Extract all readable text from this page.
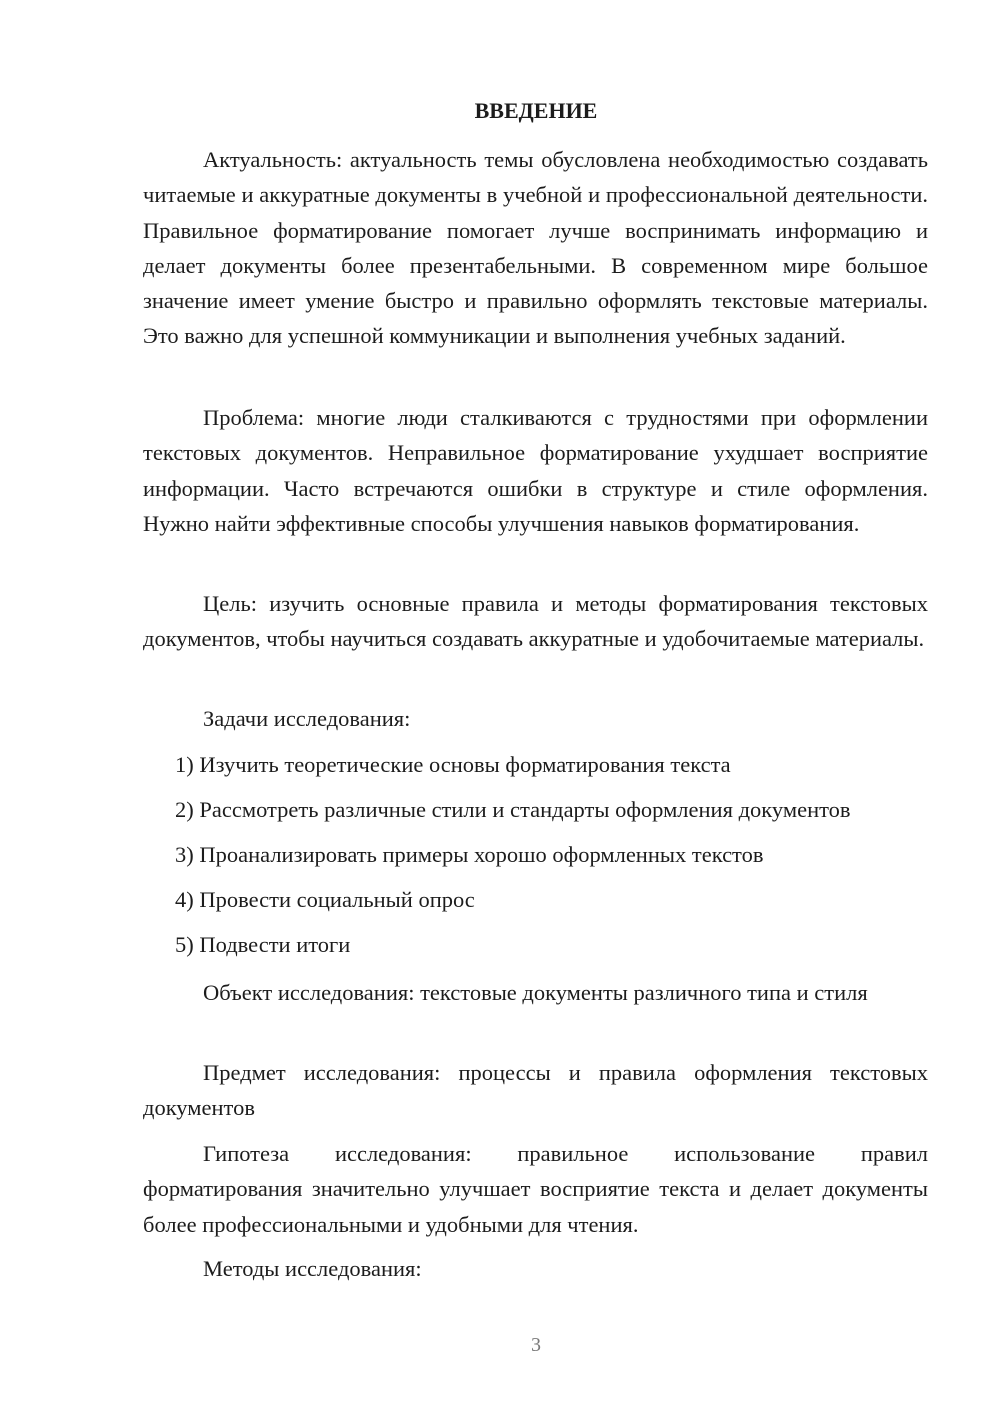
ВВЕДЕНИЕ

Актуальность: актуальность темы обусловлена необходимостью создавать читаемые и аккуратные документы в учебной и профессиональной деятельности. Правильное форматирование помогает лучше воспринимать информацию и делает документы более презентабельными. В современном мире большое значение имеет умение быстро и правильно оформлять текстовые материалы. Это важно для успешной коммуникации и выполнения учебных заданий.

Проблема: многие люди сталкиваются с трудностями при оформлении текстовых документов. Неправильное форматирование ухудшает восприятие информации. Часто встречаются ошибки в структуре и стиле оформления. Нужно найти эффективные способы улучшения навыков форматирования.

Цель: изучить основные правила и методы форматирования текстовых документов, чтобы научиться создавать аккуратные и удобочитаемые материалы.

Задачи исследования:
1) Изучить теоретические основы форматирования текста
2) Рассмотреть различные стили и стандарты оформления документов
3) Проанализировать примеры хорошо оформленных текстов
4) Провести социальный опрос
5) Подвести итоги

Объект исследования: текстовые документы различного типа и стиля

Предмет исследования: процессы и правила оформления текстовых документов

Гипотеза исследования: правильное использование правил форматирования значительно улучшает восприятие текста и делает документы более профессиональными и удобными для чтения.

Методы исследования:
3
